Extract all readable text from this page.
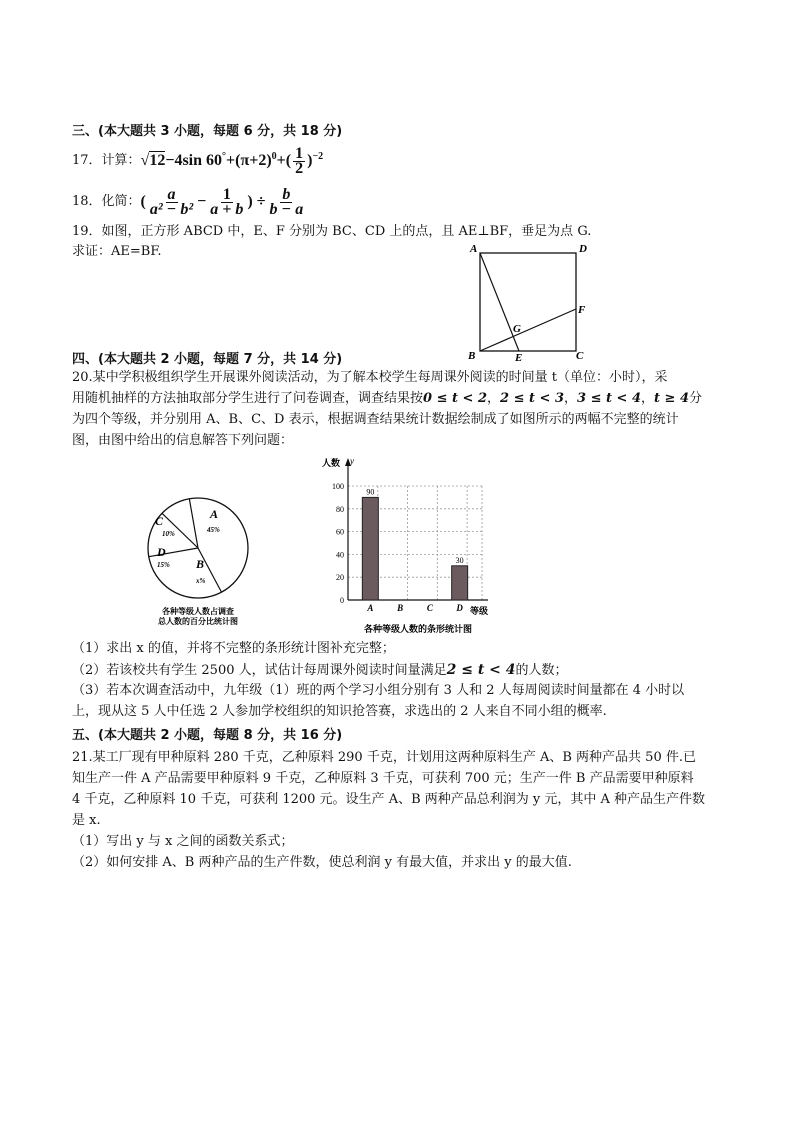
三、(本大题共 3 小题，每题 6 分，共 18 分)
17．计算： √12−4sin $60^\circ+(\pi+2)^0+( \frac{1}{2} )^{-2}$
18．化简： ( $\frac{a}{\text{a² − b²}} - \frac{1}{a + b}$ ) ÷ $\frac{b}{b - a}$
19．如图，正方形 ABCD 中，E、F 分别为 BC、CD 上的点，且 AE⊥BF，垂足为点 G.
求证：AE=BF.	A	D
B	C
E
F
G
四、(本大题共 2 小题，每题 7 分，共 14 分)
20.某中学积极组织学生开展课外阅读活动，为了解本校学生每周课外阅读的时间量 t（单位：小时），采
用随机抽样的方法抽取部分学生进行了问卷调查，调查结果按0 ≤ t < 2，2 ≤ t < 3，3 ≤ t < 4，t ≥ 4分
为四个等级，并分别用 A、B、C、D 表示，根据调查结果统计数据绘制成了如图所示的两幅不完整的统计
图，由图中给出的信息解答下列问题：
A
45%
B
x%
D
15%
C
10%
各种等级人数占调查
总人数的百分比统计图
90
30
0
20
40
60
80
100
A	B	C	D
人数 y
等级
各种等级人数的条形统计图
（1）求出 x 的值，并将不完整的条形统计图补充完整；
（2）若该校共有学生 2500 人，试估计每周课外阅读时间量满足2 ≤ t < 4的人数；
（3）若本次调查活动中，九年级（1）班的两个学习小组分别有 3 人和 2 人每周阅读时间量都在 4 小时以
上，现从这 5 人中任选 2 人参加学校组织的知识抢答赛，求选出的 2 人来自不同小组的概率.
五、(本大题共 2 小题，每题 8 分，共 16 分)
21.某工厂现有甲种原料 280 千克，乙种原料 290 千克，计划用这两种原料生产 A、B 两种产品共 50 件.已
知生产一件 A 产品需要甲种原料 9 千克，乙种原料 3 千克，可获利 700 元；生产一件 B 产品需要甲种原料
4 千克，乙种原料 10 千克，可获利 1200 元。设生产 A、B 两种产品总利润为 y 元，其中 A 种产品生产件数
是 x.
（1）写出 y 与 x 之间的函数关系式；
（2）如何安排 A、B 两种产品的生产件数，使总利润 y 有最大值，并求出 y 的最大值.
